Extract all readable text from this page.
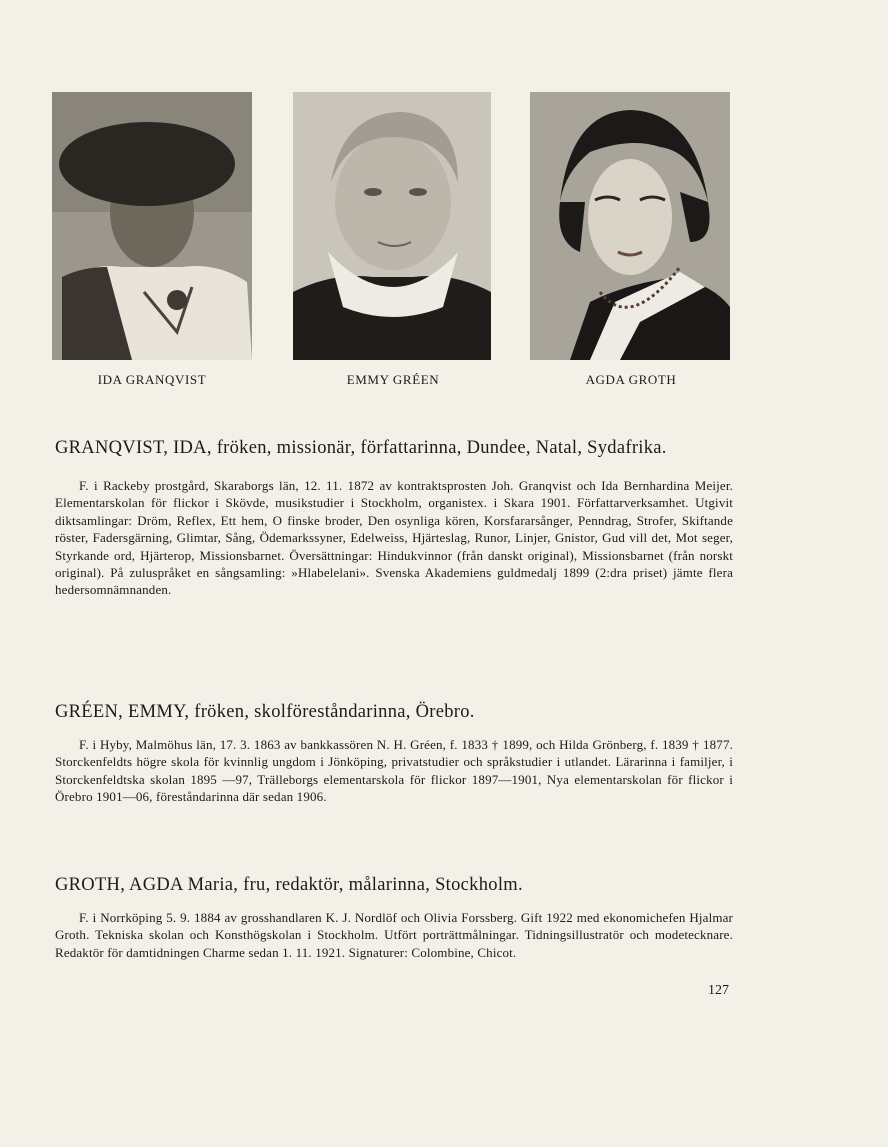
IDA GRANQVIST	EMMY GRÉEN	AGDA GROTH

GRANQVIST, IDA, fröken, missionär, författarinna, Dundee, Natal, Sydafrika.

F. i Rackeby prostgård, Skaraborgs län, 12. 11. 1872 av kontraktsprosten Joh. Granqvist och Ida Bernhardina Meijer. Elementarskolan för flickor i Skövde, musikstudier i Stockholm, organistex. i Skara 1901. Författarverksamhet. Utgivit diktsamlingar: Dröm, Reflex, Ett hem, O finske broder, Den osynliga kören, Korsfararsånger, Penndrag, Strofer, Skiftande röster, Fadersgärning, Glimtar, Sång, Ödemarkssyner, Edelweiss, Hjärteslag, Runor, Linjer, Gnistor, Gud vill det, Mot seger, Styrkande ord, Hjärterop, Missionsbarnet. Översättningar: Hindukvinnor (från danskt original), Missionsbarnet (från norskt original). På zuluspråket en sångsamling: »Hlabelelani». Svenska Akademiens guldmedalj 1899 (2:dra priset) jämte flera hedersomnämnanden.

GRÉEN, EMMY, fröken, skolföreståndarinna, Örebro.

F. i Hyby, Malmöhus län, 17. 3. 1863 av bankkassören N. H. Gréen, f. 1833 † 1899, och Hilda Grönberg, f. 1839 † 1877. Storckenfeldts högre skola för kvinnlig ungdom i Jönköping, privatstudier och språkstudier i utlandet. Lärarinna i familjer, i Storckenfeldtska skolan 1895 —97, Trälleborgs elementarskola för flickor 1897—1901, Nya elementarskolan för flickor i Örebro 1901—06, föreståndarinna där sedan 1906.

GROTH, AGDA Maria, fru, redaktör, målarinna, Stockholm.

F. i Norrköping 5. 9. 1884 av grosshandlaren K. J. Nordlöf och Olivia Forssberg. Gift 1922 med ekonomichefen Hjalmar Groth. Tekniska skolan och Konsthögskolan i Stockholm. Utfört porträttmålningar. Tidningsillustratör och modetecknare. Redaktör för damtidningen Charme sedan 1. 11. 1921. Signaturer: Colombine, Chicot.

127
